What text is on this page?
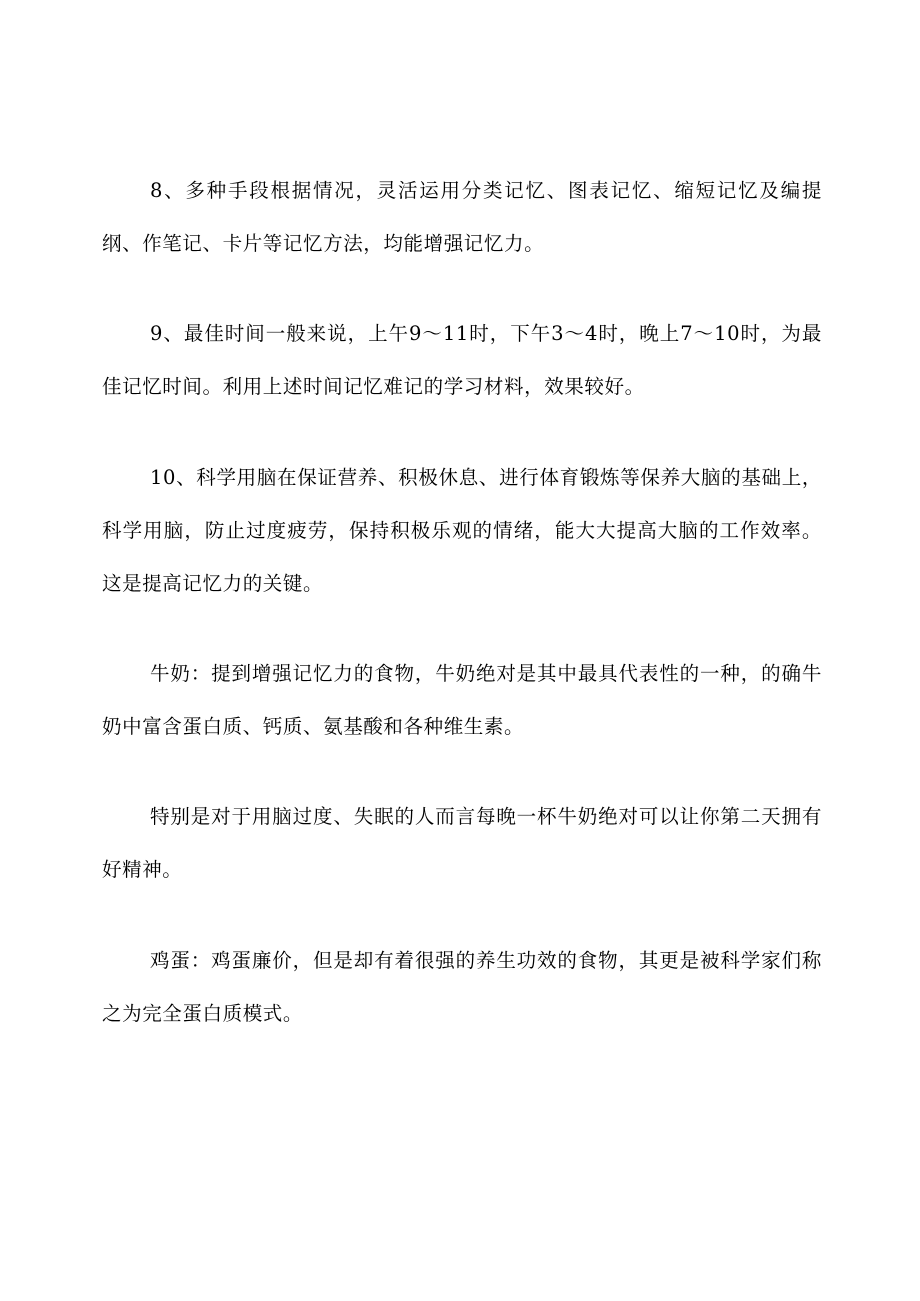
8、多种手段根据情况，灵活运用分类记忆、图表记忆、缩短记忆及编提纲、作笔记、卡片等记忆方法，均能增强记忆力。

9、最佳时间一般来说，上午9～11时，下午3～4时，晚上7～10时，为最佳记忆时间。利用上述时间记忆难记的学习材料，效果较好。

10、科学用脑在保证营养、积极休息、进行体育锻炼等保养大脑的基础上，科学用脑，防止过度疲劳，保持积极乐观的情绪，能大大提高大脑的工作效率。这是提高记忆力的关键。

牛奶：提到增强记忆力的食物，牛奶绝对是其中最具代表性的一种，的确牛奶中富含蛋白质、钙质、氨基酸和各种维生素。

特别是对于用脑过度、失眠的人而言每晚一杯牛奶绝对可以让你第二天拥有好精神。

鸡蛋：鸡蛋廉价，但是却有着很强的养生功效的食物，其更是被科学家们称之为完全蛋白质模式。
